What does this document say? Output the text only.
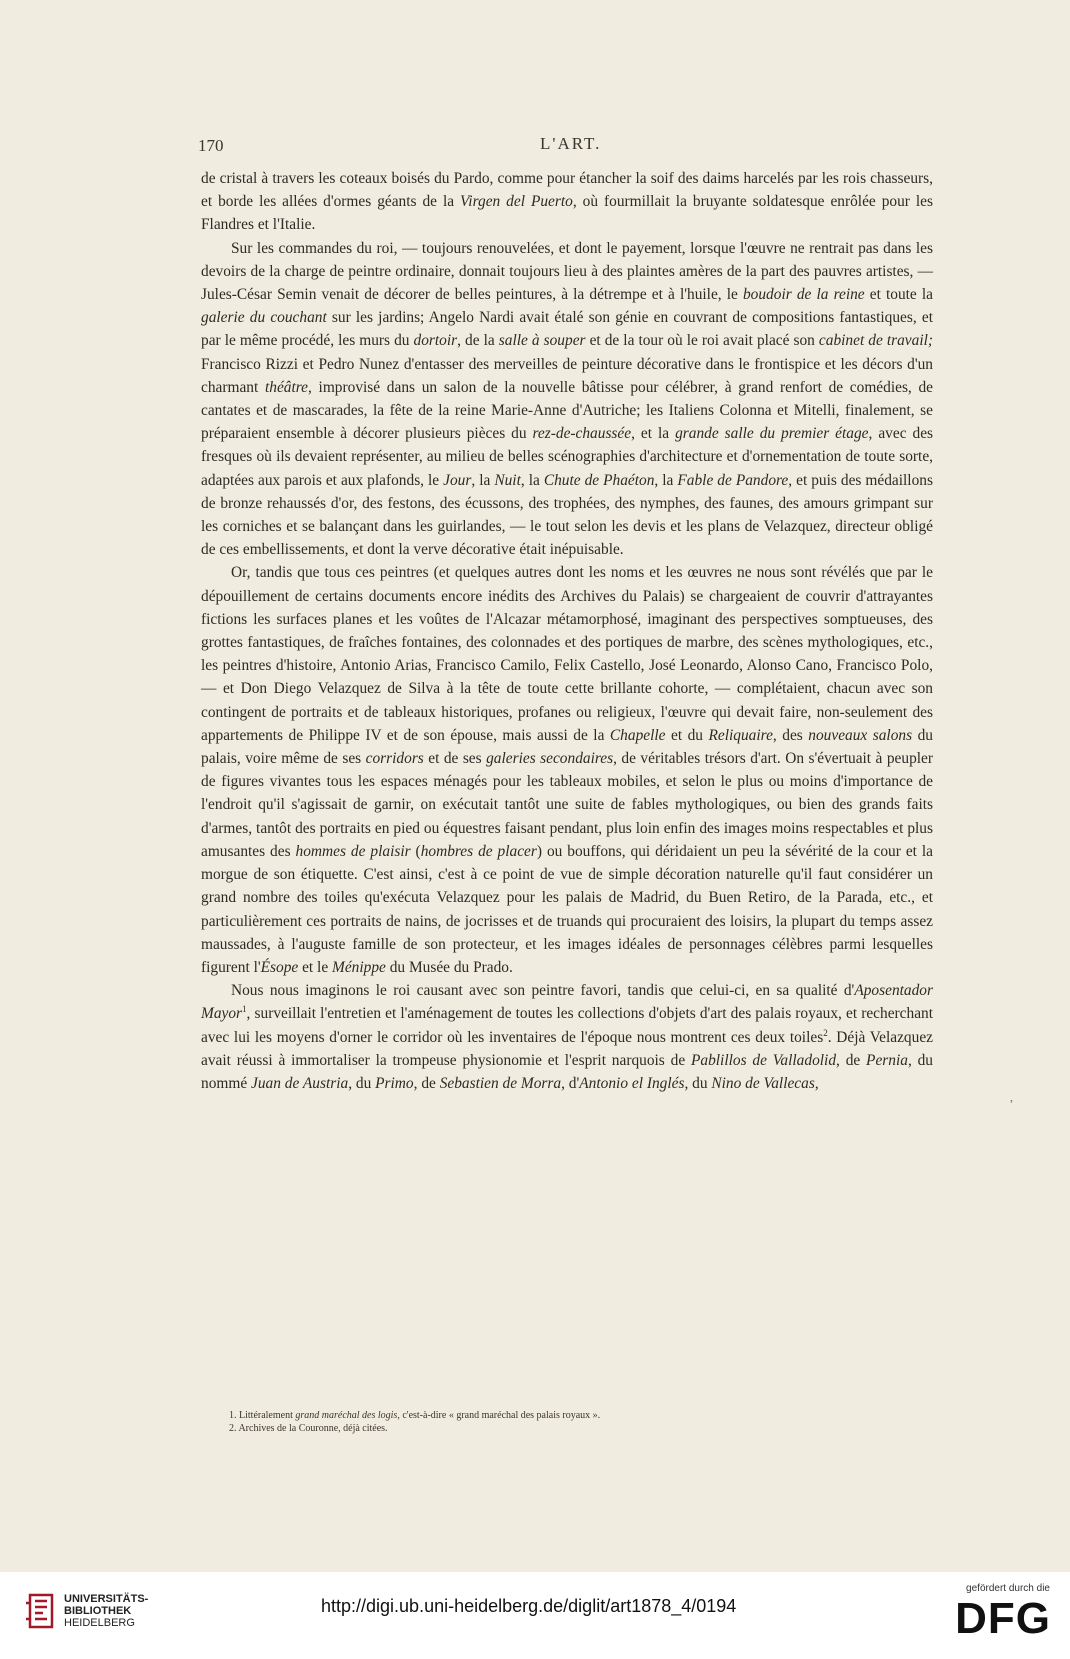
170	L'ART.

de cristal à travers les coteaux boisés du Pardo, comme pour étancher la soif des daims harcelés par les rois chasseurs, et borde les allées d'ormes géants de la Virgen del Puerto, où fourmillait la bruyante soldatesque enrôlée pour les Flandres et l'Italie.

Sur les commandes du roi, — toujours renouvelées, et dont le payement, lorsque l'œuvre ne rentrait pas dans les devoirs de la charge de peintre ordinaire, donnait toujours lieu à des plaintes amères de la part des pauvres artistes, — Jules-César Semin venait de décorer de belles peintures, à la détrempe et à l'huile, le boudoir de la reine et toute la galerie du couchant sur les jardins; Angelo Nardi avait étalé son génie en couvrant de compositions fantastiques, et par le même procédé, les murs du dortoir, de la salle à souper et de la tour où le roi avait placé son cabinet de travail; Francisco Rizzi et Pedro Nunez d'entasser des merveilles de peinture décorative dans le frontispice et les décors d'un charmant théâtre, improvisé dans un salon de la nouvelle bâtisse pour célébrer, à grand renfort de comédies, de cantates et de mascarades, la fête de la reine Marie-Anne d'Autriche; les Italiens Colonna et Mitelli, finalement, se préparaient ensemble à décorer plusieurs pièces du rez-de-chaussée, et la grande salle du premier étage, avec des fresques où ils devaient représenter, au milieu de belles scénographies d'architecture et d'ornementation de toute sorte, adaptées aux parois et aux plafonds, le Jour, la Nuit, la Chute de Phaéton, la Fable de Pandore, et puis des médaillons de bronze rehaussés d'or, des festons, des écussons, des trophées, des nymphes, des faunes, des amours grimpant sur les corniches et se balançant dans les guirlandes, — le tout selon les devis et les plans de Velazquez, directeur obligé de ces embellissements, et dont la verve décorative était inépuisable.

Or, tandis que tous ces peintres (et quelques autres dont les noms et les œuvres ne nous sont révélés que par le dépouillement de certains documents encore inédits des Archives du Palais) se chargeaient de couvrir d'attrayantes fictions les surfaces planes et les voûtes de l'Alcazar métamorphosé, imaginant des perspectives somptueuses, des grottes fantastiques, de fraîches fontaines, des colonnades et des portiques de marbre, des scènes mythologiques, etc., les peintres d'histoire, Antonio Arias, Francisco Camilo, Felix Castello, José Leonardo, Alonso Cano, Francisco Polo, — et Don Diego Velazquez de Silva à la tête de toute cette brillante cohorte, — complétaient, chacun avec son contingent de portraits et de tableaux historiques, profanes ou religieux, l'œuvre qui devait faire, non-seulement des appartements de Philippe IV et de son épouse, mais aussi de la Chapelle et du Reliquaire, des nouveaux salons du palais, voire même de ses corridors et de ses galeries secondaires, de véritables trésors d'art. On s'évertuait à peupler de figures vivantes tous les espaces ménagés pour les tableaux mobiles, et selon le plus ou moins d'importance de l'endroit qu'il s'agissait de garnir, on exécutait tantôt une suite de fables mythologiques, ou bien des grands faits d'armes, tantôt des portraits en pied ou équestres faisant pendant, plus loin enfin des images moins respectables et plus amusantes des hommes de plaisir (hombres de placer) ou bouffons, qui déridaient un peu la sévérité de la cour et la morgue de son étiquette. C'est ainsi, c'est à ce point de vue de simple décoration naturelle qu'il faut considérer un grand nombre des toiles qu'exécuta Velazquez pour les palais de Madrid, du Buen Retiro, de la Parada, etc., et particulièrement ces portraits de nains, de jocrisses et de truands qui procuraient des loisirs, la plupart du temps assez maussades, à l'auguste famille de son protecteur, et les images idéales de personnages célèbres parmi lesquelles figurent l'Ésope et le Ménippe du Musée du Prado.

Nous nous imaginons le roi causant avec son peintre favori, tandis que celui-ci, en sa qualité d'Aposentador Mayor$^1$, surveillait l'entretien et l'aménagement de toutes les collections d'objets d'art des palais royaux, et recherchant avec lui les moyens d'orner le corridor où les inventaires de l'époque nous montrent ces deux toiles$^2$. Déjà Velazquez avait réussi à immortaliser la trompeuse physionomie et l'esprit narquois de Pablillos de Valladolid, de Pernia, du nommé Juan de Austria, du Primo, de Sebastien de Morra, d'Antonio el Inglés, du Nino de Vallecas,

1. Littéralement grand maréchal des logis, c'est-à-dire « grand maréchal des palais royaux ».
2. Archives de la Couronne, déjà citées.
,
UNIVERSITÄTS-
BIBLIOTHEK
HEIDELBERG
http://digi.ub.uni-heidelberg.de/diglit/art1878_4/0194
gefördert durch die
DFG
